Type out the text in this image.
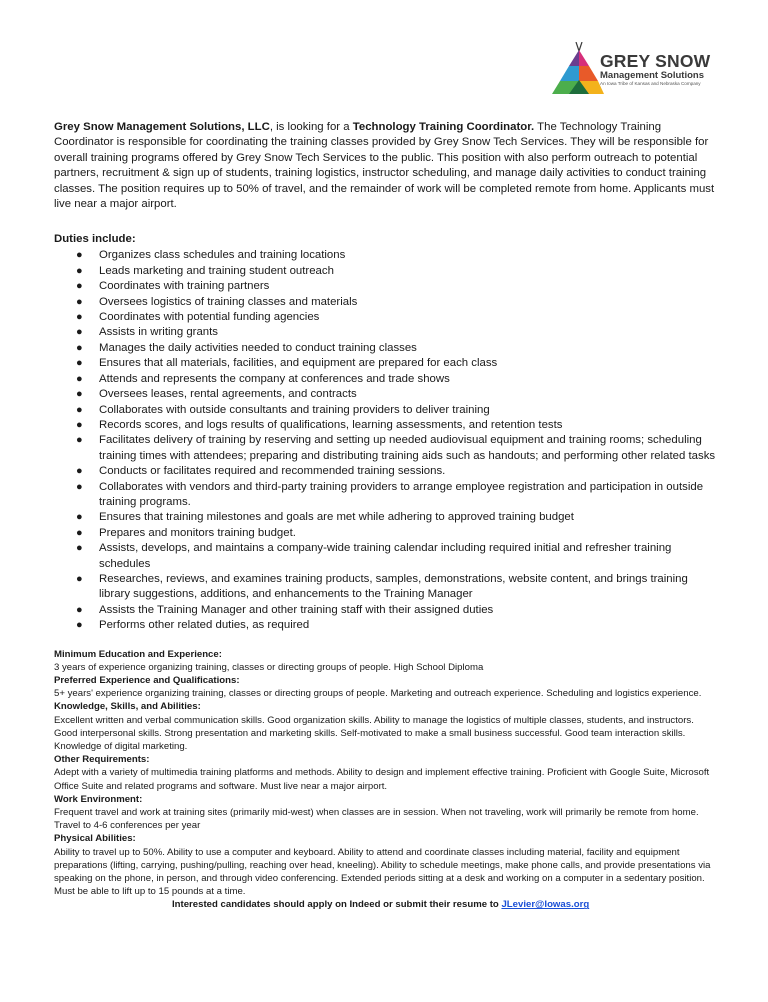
GREY SNOW
Management Solutions
An Iowa Tribe of Kansas and Nebraska Company

Grey Snow Management Solutions, LLC, is looking for a Technology Training Coordinator. The Technology Training Coordinator is responsible for coordinating the training classes provided by Grey Snow Tech Services. They will be responsible for overall training programs offered by Grey Snow Tech Services to the public. This position with also perform outreach to potential partners, recruitment & sign up of students, training logistics, instructor scheduling, and manage daily activities to conduct training classes. The position requires up to 50% of travel, and the remainder of work will be completed remote from home. Applicants must live near a major airport.

Duties include:
● Organizes class schedules and training locations
● Leads marketing and training student outreach
● Coordinates with training partners
● Oversees logistics of training classes and materials
● Coordinates with potential funding agencies
● Assists in writing grants
● Manages the daily activities needed to conduct training classes
● Ensures that all materials, facilities, and equipment are prepared for each class
● Attends and represents the company at conferences and trade shows
● Oversees leases, rental agreements, and contracts
● Collaborates with outside consultants and training providers to deliver training
● Records scores, and logs results of qualifications, learning assessments, and retention tests
● Facilitates delivery of training by reserving and setting up needed audiovisual equipment and training rooms; scheduling training times with attendees; preparing and distributing training aids such as handouts; and performing other related tasks
● Conducts or facilitates required and recommended training sessions.
● Collaborates with vendors and third-party training providers to arrange employee registration and participation in outside training programs.
● Ensures that training milestones and goals are met while adhering to approved training budget
● Prepares and monitors training budget.
● Assists, develops, and maintains a company-wide training calendar including required initial and refresher training schedules
● Researches, reviews, and examines training products, samples, demonstrations, website content, and brings training library suggestions, additions, and enhancements to the Training Manager
● Assists the Training Manager and other training staff with their assigned duties
● Performs other related duties, as required

Minimum Education and Experience:

3 years of experience organizing training, classes or directing groups of people. High School Diploma

Preferred Experience and Qualifications:

5+ years' experience organizing training, classes or directing groups of people. Marketing and outreach experience. Scheduling and logistics experience.

Knowledge, Skills, and Abilities:

Excellent written and verbal communication skills. Good organization skills. Ability to manage the logistics of multiple classes, students, and instructors. Good interpersonal skills. Strong presentation and marketing skills. Self-motivated to make a small business successful. Good team interaction skills. Knowledge of digital marketing.

Other Requirements:

Adept with a variety of multimedia training platforms and methods. Ability to design and implement effective training. Proficient with Google Suite, Microsoft Office Suite and related programs and software. Must live near a major airport.

Work Environment:

Frequent travel and work at training sites (primarily mid-west) when classes are in session. When not traveling, work will primarily be remote from home. Travel to 4-6 conferences per year

Physical Abilities:

Ability to travel up to 50%. Ability to use a computer and keyboard. Ability to attend and coordinate classes including material, facility and equipment preparations (lifting, carrying, pushing/pulling, reaching over head, kneeling). Ability to schedule meetings, make phone calls, and provide presentations via speaking on the phone, in person, and through video conferencing. Extended periods sitting at a desk and working on a computer in a sedentary position. Must be able to lift up to 15 pounds at a time.

Interested candidates should apply on Indeed or submit their resume to JLevier@Iowas.org
